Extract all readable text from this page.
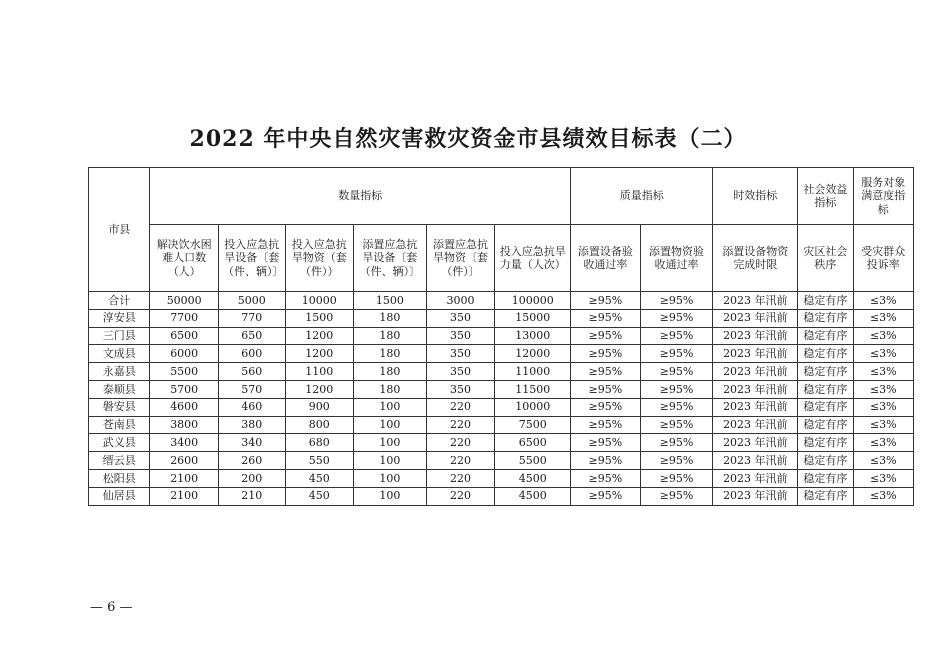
2022 年中央自然灾害救灾资金市县绩效目标表（二）
市县	数量指标						质量指标		时效指标	社会效益指标	服务对象满意度指标

	解决饮水困难人口数（人）	投入应急抗旱设备〔套（件、辆）〕	投入应急抗旱物资（套（件））	添置应急抗旱设备〔套（件、辆）〕	添置应急抗旱物资〔套（件）〕	投入应急抗旱力量（人次）	添置设备验收通过率	添置物资验收通过率	添置设备物资完成时限	灾区社会秩序	受灾群众投诉率

合计	50000	5000	10000	1500	3000	100000	≥95%	≥95%	2023 年汛前	稳定有序	≤3%
淳安县	7700	770	1500	180	350	15000	≥95%	≥95%	2023 年汛前	稳定有序	≤3%
三门县	6500	650	1200	180	350	13000	≥95%	≥95%	2023 年汛前	稳定有序	≤3%
文成县	6000	600	1200	180	350	12000	≥95%	≥95%	2023 年汛前	稳定有序	≤3%
永嘉县	5500	560	1100	180	350	11000	≥95%	≥95%	2023 年汛前	稳定有序	≤3%
泰顺县	5700	570	1200	180	350	11500	≥95%	≥95%	2023 年汛前	稳定有序	≤3%
磐安县	4600	460	900	100	220	10000	≥95%	≥95%	2023 年汛前	稳定有序	≤3%
苍南县	3800	380	800	100	220	7500	≥95%	≥95%	2023 年汛前	稳定有序	≤3%
武义县	3400	340	680	100	220	6500	≥95%	≥95%	2023 年汛前	稳定有序	≤3%
缙云县	2600	260	550	100	220	5500	≥95%	≥95%	2023 年汛前	稳定有序	≤3%
松阳县	2100	200	450	100	220	4500	≥95%	≥95%	2023 年汛前	稳定有序	≤3%
仙居县	2100	210	450	100	220	4500	≥95%	≥95%	2023 年汛前	稳定有序	≤3%
— 6 —
